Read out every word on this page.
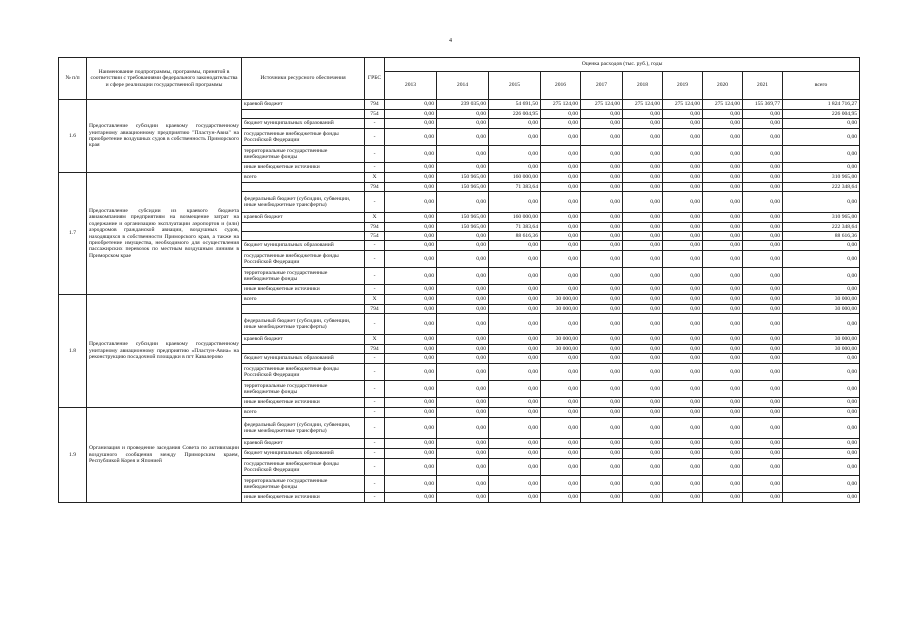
4
№ п/п	Наименование подпрограммы, программы, принятой в соответствии с требованиями федерального законодательства и сфере реализации государственной программы	Источники ресурсного обеспечения	ГРБС	Оценка расходов (тыс. руб.), годы									
				2013	2014	2015	2016	2017	2018	2019	2020	2021	всего
1.6	Предоставление субсидии краевому государственному унитарному авиационному предприятию "Пластун-Авиа" на приобретение воздушных судов в собственность Приморского края	краевой бюджет	794	0,00	239 035,00	54 691,50	275 124,00	275 124,00	275 124,00	275 124,00	275 124,00	155 369,77	1 824 716,27
			754	0,00	0,00	226 004,95	0,00	0,00	0,00	0,00	0,00	0,00	226 004,95
		бюджет муниципальных образований	-	0,00	0,00	0,00	0,00	0,00	0,00	0,00	0,00	0,00	0,00
		государственные внебюджетные фонды Российской Федерации	-	0,00	0,00	0,00	0,00	0,00	0,00	0,00	0,00	0,00	0,00
		территориальные государственные внебюджетные фонды	-	0,00	0,00	0,00	0,00	0,00	0,00	0,00	0,00	0,00	0,00
		иные внебюджетные источники	-	0,00	0,00	0,00	0,00	0,00	0,00	0,00	0,00	0,00	0,00
1.7	Предоставление субсидии из краевого бюджета авиакомпаниям предприятиям на возмещение затрат на содержание и организацию эксплуатации аэропортов и (или) аэродромов гражданской авиации, воздушных судов, находящихся в собственности Приморского края, а также на приобретение имущества, необходимого для осуществления пассажирских перевозок по местным воздушным линиям в Приморском крае	всего	Х	0,00	150 965,00	160 000,00	0,00	0,00	0,00	0,00	0,00	0,00	310 965,00
			794	0,00	150 965,00	71 383,64	0,00	0,00	0,00	0,00	0,00	0,00	222 348,64
		федеральный бюджет (субсидии, субвенции, иные межбюджетные трансферты)	-	0,00	0,00	0,00	0,00	0,00	0,00	0,00	0,00	0,00	0,00
		краевой бюджет	Х	0,00	150 965,00	160 000,00	0,00	0,00	0,00	0,00	0,00	0,00	310 965,00
			794	0,00	150 965,00	71 383,64	0,00	0,00	0,00	0,00	0,00	0,00	222 348,64
			754	0,00	0,00	88 616,36	0,00	0,00	0,00	0,00	0,00	0,00	88 616,36
		бюджет муниципальных образований	-	0,00	0,00	0,00	0,00	0,00	0,00	0,00	0,00	0,00	0,00
		государственные внебюджетные фонды Российской Федерации	-	0,00	0,00	0,00	0,00	0,00	0,00	0,00	0,00	0,00	0,00
		территориальные государственные внебюджетные фонды	-	0,00	0,00	0,00	0,00	0,00	0,00	0,00	0,00	0,00	0,00
		иные внебюджетные источники	-	0,00	0,00	0,00	0,00	0,00	0,00	0,00	0,00	0,00	0,00
1.8	Предоставление субсидии краевому государственному унитарному авиационному предприятию «Пластун-Авиа» на реконструкцию посадочной площадки в пгт Кавалерово	всего	Х	0,00	0,00	0,00	30 000,00	0,00	0,00	0,00	0,00	0,00	30 000,00
			794	0,00	0,00	0,00	30 000,00	0,00	0,00	0,00	0,00	0,00	30 000,00
		федеральный бюджет (субсидии, субвенции, иные межбюджетные трансферты)	-	0,00	0,00	0,00	0,00	0,00	0,00	0,00	0,00	0,00	0,00
		краевой бюджет	Х	0,00	0,00	0,00	30 000,00	0,00	0,00	0,00	0,00	0,00	30 000,00
			794	0,00	0,00	0,00	30 000,00	0,00	0,00	0,00	0,00	0,00	30 000,00
		бюджет муниципальных образований	-	0,00	0,00	0,00	0,00	0,00	0,00	0,00	0,00	0,00	0,00
		государственные внебюджетные фонды Российской Федерации	-	0,00	0,00	0,00	0,00	0,00	0,00	0,00	0,00	0,00	0,00
		территориальные государственные внебюджетные фонды	-	0,00	0,00	0,00	0,00	0,00	0,00	0,00	0,00	0,00	0,00
		иные внебюджетные источники	-	0,00	0,00	0,00	0,00	0,00	0,00	0,00	0,00	0,00	0,00
1.9	Организация и проведение заседания Совета по активизации воздушного сообщения между Приморским краем, Республикой Корея и Японией	всего	-	0,00	0,00	0,00	0,00	0,00	0,00	0,00	0,00	0,00	0,00
		федеральный бюджет (субсидии, субвенции, иные межбюджетные трансферты)	-	0,00	0,00	0,00	0,00	0,00	0,00	0,00	0,00	0,00	0,00
		краевой бюджет	-	0,00	0,00	0,00	0,00	0,00	0,00	0,00	0,00	0,00	0,00
		бюджет муниципальных образований	-	0,00	0,00	0,00	0,00	0,00	0,00	0,00	0,00	0,00	0,00
		государственные внебюджетные фонды Российской Федерации	-	0,00	0,00	0,00	0,00	0,00	0,00	0,00	0,00	0,00	0,00
		территориальные государственные внебюджетные фонды	-	0,00	0,00	0,00	0,00	0,00	0,00	0,00	0,00	0,00	0,00
		иные внебюджетные источники	-	0,00	0,00	0,00	0,00	0,00	0,00	0,00	0,00	0,00	0,00
